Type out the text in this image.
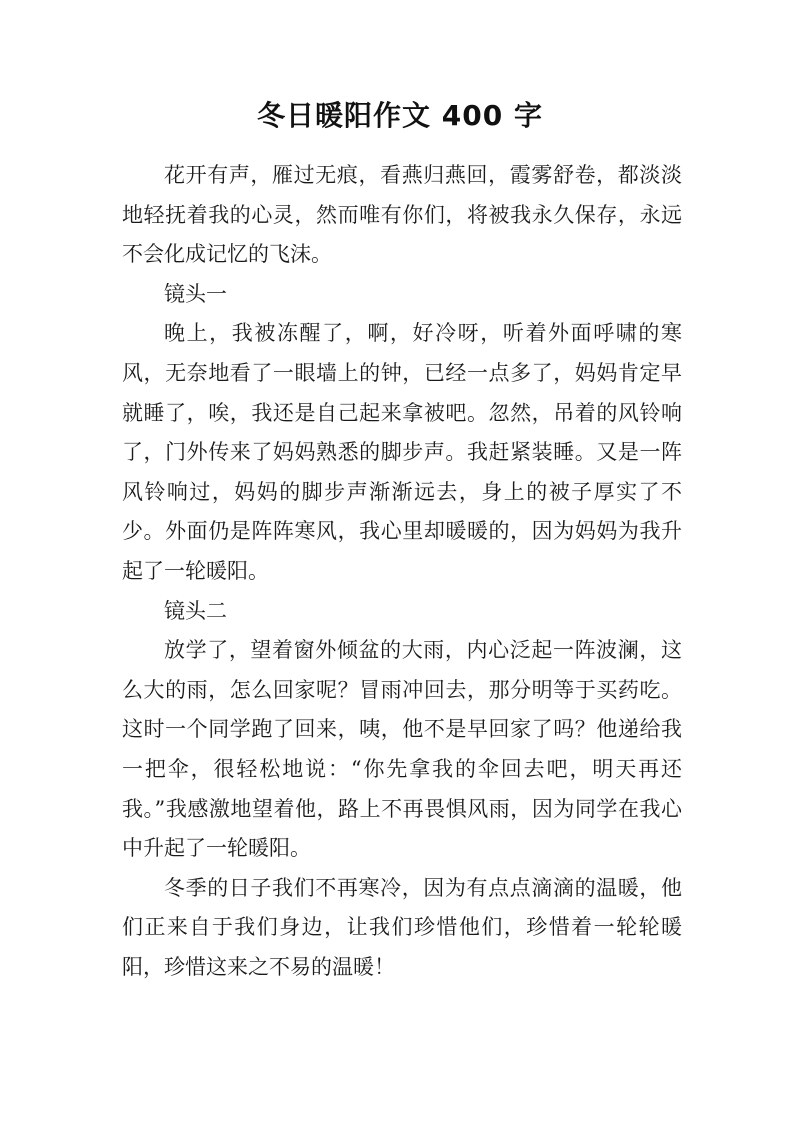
冬日暖阳作文 400 字

花开有声，雁过无痕，看燕归燕回，霞雾舒卷，都淡淡地轻抚着我的心灵，然而唯有你们，将被我永久保存，永远不会化成记忆的飞沫。

镜头一

晚上，我被冻醒了，啊，好冷呀，听着外面呼啸的寒风，无奈地看了一眼墙上的钟，已经一点多了，妈妈肯定早就睡了，唉，我还是自己起来拿被吧。忽然，吊着的风铃响了，门外传来了妈妈熟悉的脚步声。我赶紧装睡。又是一阵风铃响过，妈妈的脚步声渐渐远去，身上的被子厚实了不少。外面仍是阵阵寒风，我心里却暖暖的，因为妈妈为我升起了一轮暖阳。

镜头二

放学了，望着窗外倾盆的大雨，内心泛起一阵波澜，这么大的雨，怎么回家呢？冒雨冲回去，那分明等于买药吃。这时一个同学跑了回来，咦，他不是早回家了吗？他递给我一把伞，很轻松地说：“你先拿我的伞回去吧，明天再还我。”我感激地望着他，路上不再畏惧风雨，因为同学在我心中升起了一轮暖阳。

冬季的日子我们不再寒冷，因为有点点滴滴的温暖，他们正来自于我们身边，让我们珍惜他们，珍惜着一轮轮暖阳，珍惜这来之不易的温暖！
